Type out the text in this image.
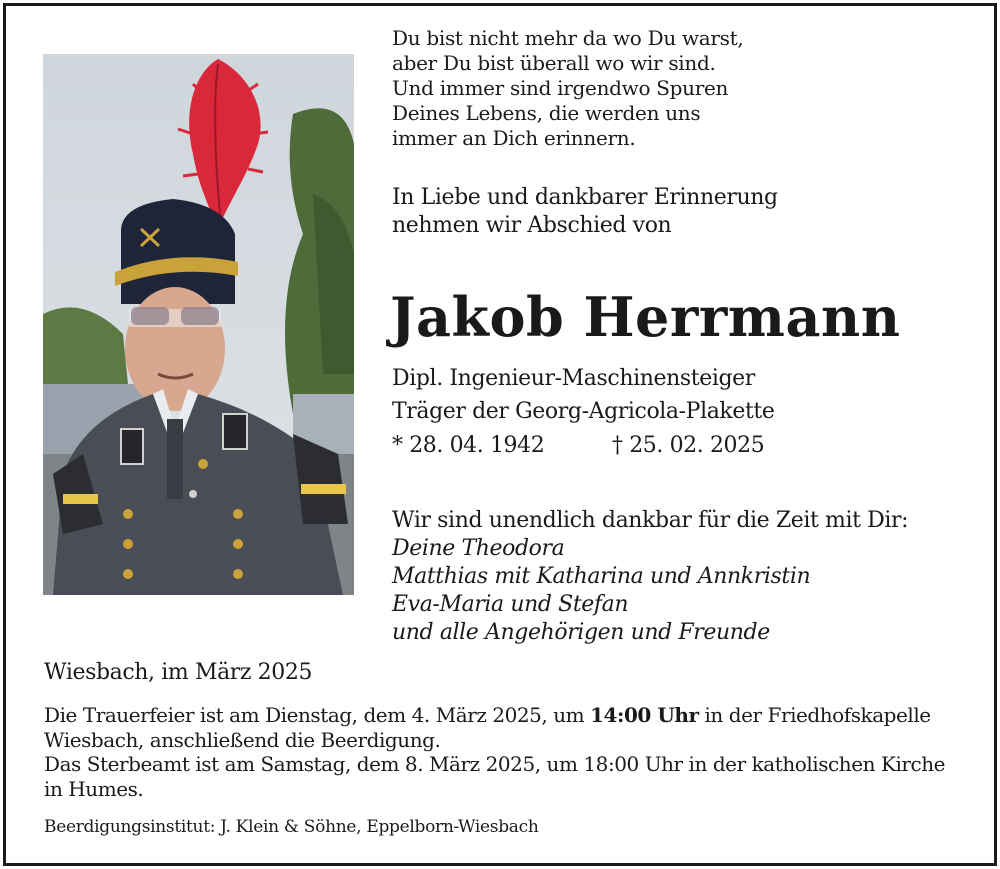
Du bist nicht mehr da wo Du warst,
aber Du bist überall wo wir sind.
Und immer sind irgendwo Spuren
Deines Lebens, die werden uns
immer an Dich erinnern.

In Liebe und dankbarer Erinnerung
nehmen wir Abschied von

Jakob Herrmann

Dipl. Ingenieur-Maschinensteiger
Träger der Georg-Agricola-Plakette

* 28. 04. 1942	† 25. 02. 2025

Wir sind unendlich dankbar für die Zeit mit Dir:
Deine Theodora
Matthias mit Katharina und Annkristin
Eva-Maria und Stefan
und alle Angehörigen und Freunde

Wiesbach, im März 2025

Die Trauerfeier ist am Dienstag, dem 4. März 2025, um 14:00 Uhr in der Friedhofskapelle
Wiesbach, anschließend die Beerdigung.
Das Sterbeamt ist am Samstag, dem 8. März 2025, um 18:00 Uhr in der katholischen Kirche
in Humes.

Beerdigungsinstitut: J. Klein & Söhne, Eppelborn-Wiesbach
